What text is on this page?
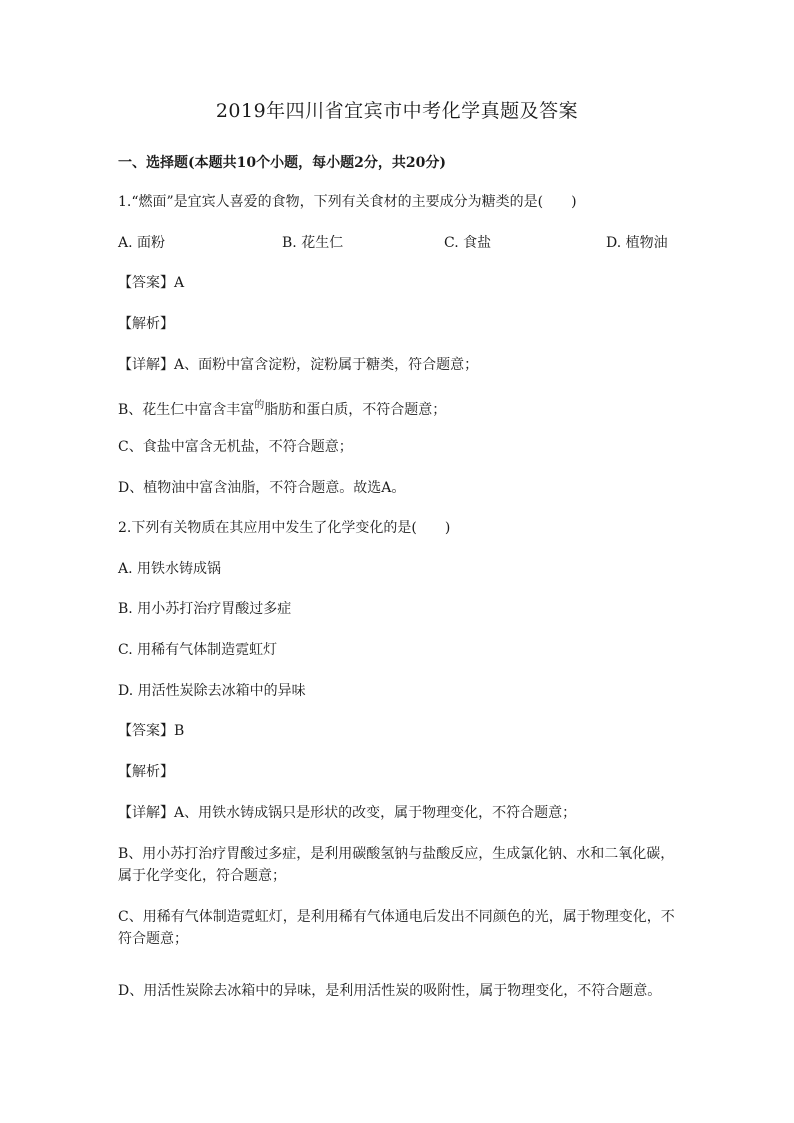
2019年四川省宜宾市中考化学真题及答案
一、选择题(本题共10个小题，每小题2分，共20分)
1.“燃面”是宜宾人喜爱的食物，下列有关食材的主要成分为糖类的是(　　)
A. 面粉	B. 花生仁	C. 食盐	D. 植物油
【答案】A
【解析】
【详解】A、面粉中富含淀粉，淀粉属于糖类，符合题意；
B、花生仁中富含丰富$^的$脂肪和蛋白质，不符合题意；
C、食盐中富含无机盐，不符合题意；
D、植物油中富含油脂，不符合题意。故选A。
2.下列有关物质在其应用中发生了化学变化的是(　　)
A. 用铁水铸成锅
B. 用小苏打治疗胃酸过多症
C. 用稀有气体制造霓虹灯
D. 用活性炭除去冰箱中的异味
【答案】B
【解析】
【详解】A、用铁水铸成锅只是形状的改变，属于物理变化，不符合题意；
B、用小苏打治疗胃酸过多症，是利用碳酸氢钠与盐酸反应，生成氯化钠、水和二氧化碳，属于化学变化，符合题意；
C、用稀有气体制造霓虹灯，是利用稀有气体通电后发出不同颜色的光，属于物理变化，不符合题意；
D、用活性炭除去冰箱中的异味，是利用活性炭的吸附性，属于物理变化，不符合题意。
